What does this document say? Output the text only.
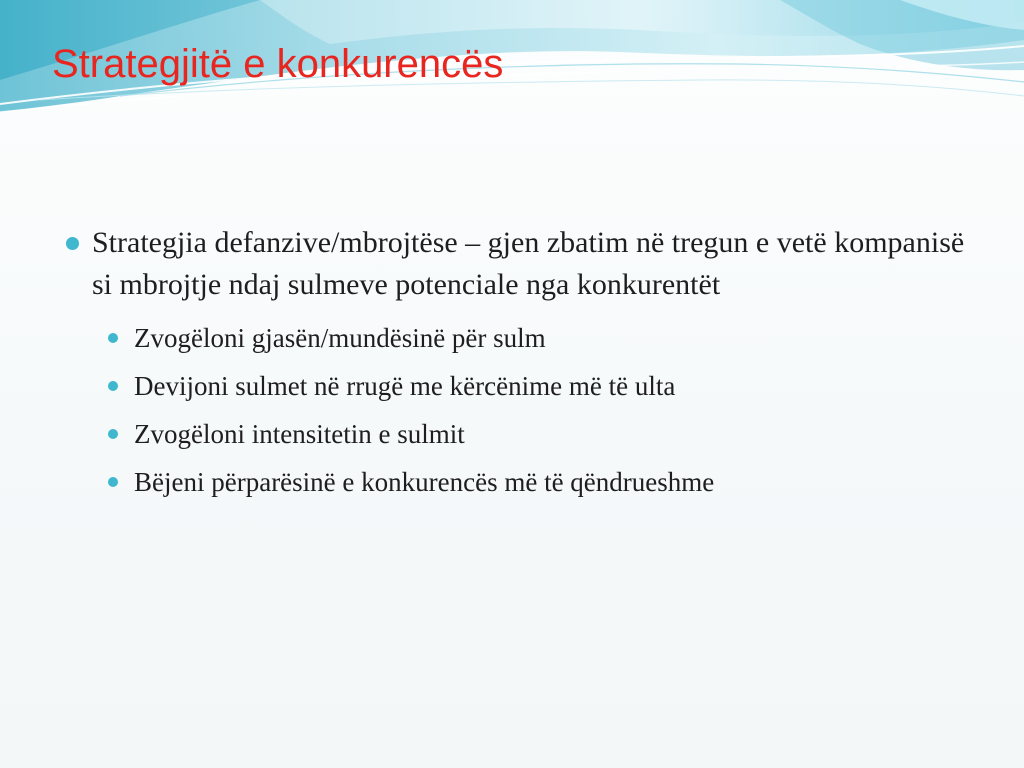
Strategjitë e konkurencës
Strategjia defanzive/mbrojtëse – gjen zbatim në tregun e vetë kompanisë si mbrojtje ndaj sulmeve potenciale nga konkurentët
Zvogëloni gjasën/mundësinë për sulm
Devijoni sulmet në rrugë me kërcënime më të ulta
Zvogëloni intensitetin e sulmit
Bëjeni përparësinë e konkurencës më të qëndrueshme
